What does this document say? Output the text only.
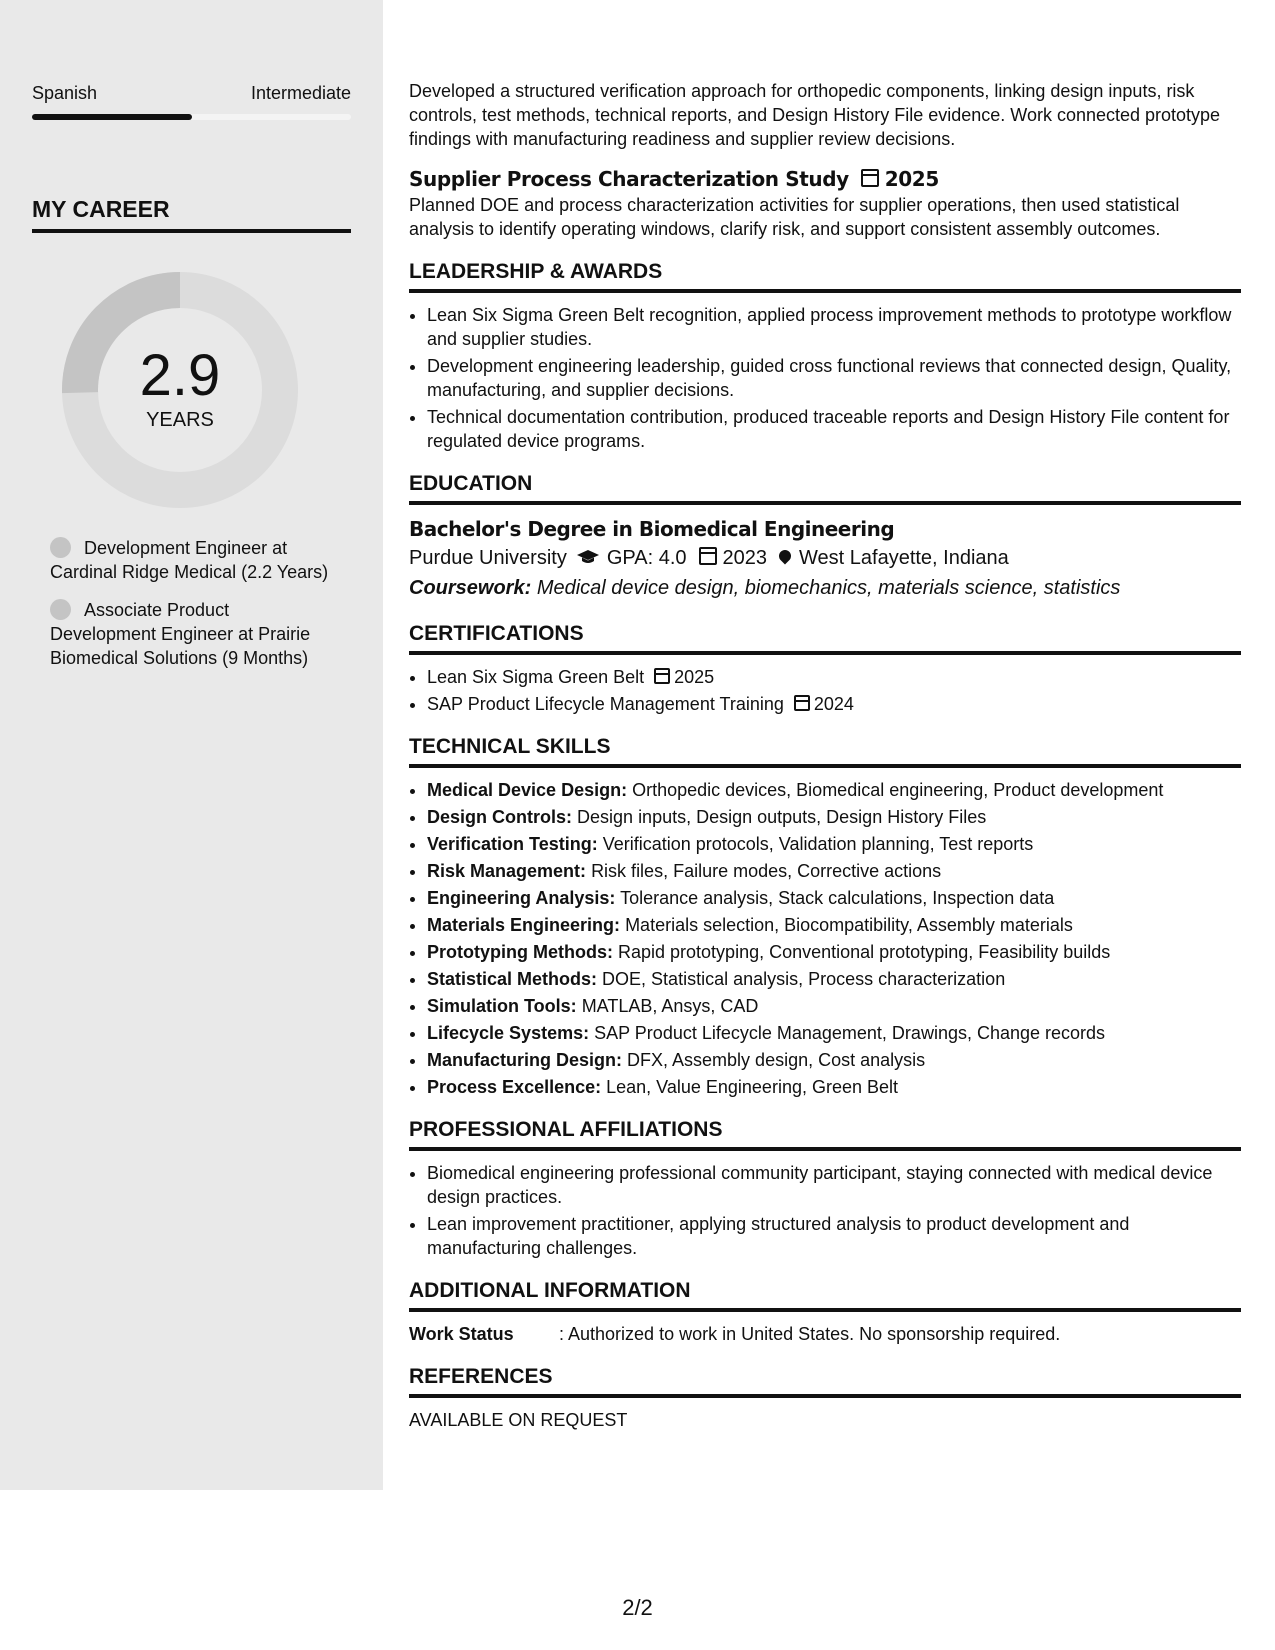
Spanish	Intermediate
MY CAREER
2.9
YEARS
Development Engineer at Cardinal Ridge Medical (2.2 Years)
Associate Product Development Engineer at Prairie Biomedical Solutions (9 Months)

Developed a structured verification approach for orthopedic components, linking design inputs, risk controls, test methods, technical reports, and Design History File evidence. Work connected prototype findings with manufacturing readiness and supplier review decisions.

Supplier Process Characterization Study 2025

Planned DOE and process characterization activities for supplier operations, then used statistical analysis to identify operating windows, clarify risk, and support consistent assembly outcomes.

LEADERSHIP & AWARDS
• Lean Six Sigma Green Belt recognition, applied process improvement methods to prototype workflow and supplier studies.
• Development engineering leadership, guided cross functional reviews that connected design, Quality, manufacturing, and supplier decisions.
• Technical documentation contribution, produced traceable reports and Design History File content for regulated device programs.
EDUCATION
Bachelor's Degree in Biomedical Engineering
Purdue University GPA: 4.0 2023 West Lafayette, Indiana
Coursework: Medical device design, biomechanics, materials science, statistics
CERTIFICATIONS
• Lean Six Sigma Green Belt 2025
• SAP Product Lifecycle Management Training 2024
TECHNICAL SKILLS
• Medical Device Design: Orthopedic devices, Biomedical engineering, Product development
• Design Controls: Design inputs, Design outputs, Design History Files
• Verification Testing: Verification protocols, Validation planning, Test reports
• Risk Management: Risk files, Failure modes, Corrective actions
• Engineering Analysis: Tolerance analysis, Stack calculations, Inspection data
• Materials Engineering: Materials selection, Biocompatibility, Assembly materials
• Prototyping Methods: Rapid prototyping, Conventional prototyping, Feasibility builds
• Statistical Methods: DOE, Statistical analysis, Process characterization
• Simulation Tools: MATLAB, Ansys, CAD
• Lifecycle Systems: SAP Product Lifecycle Management, Drawings, Change records
• Manufacturing Design: DFX, Assembly design, Cost analysis
• Process Excellence: Lean, Value Engineering, Green Belt
PROFESSIONAL AFFILIATIONS
• Biomedical engineering professional community participant, staying connected with medical device design practices.
• Lean improvement practitioner, applying structured analysis to product development and manufacturing challenges.
ADDITIONAL INFORMATION
Work Status	: Authorized to work in United States. No sponsorship required.
REFERENCES

AVAILABLE ON REQUEST

2/2
